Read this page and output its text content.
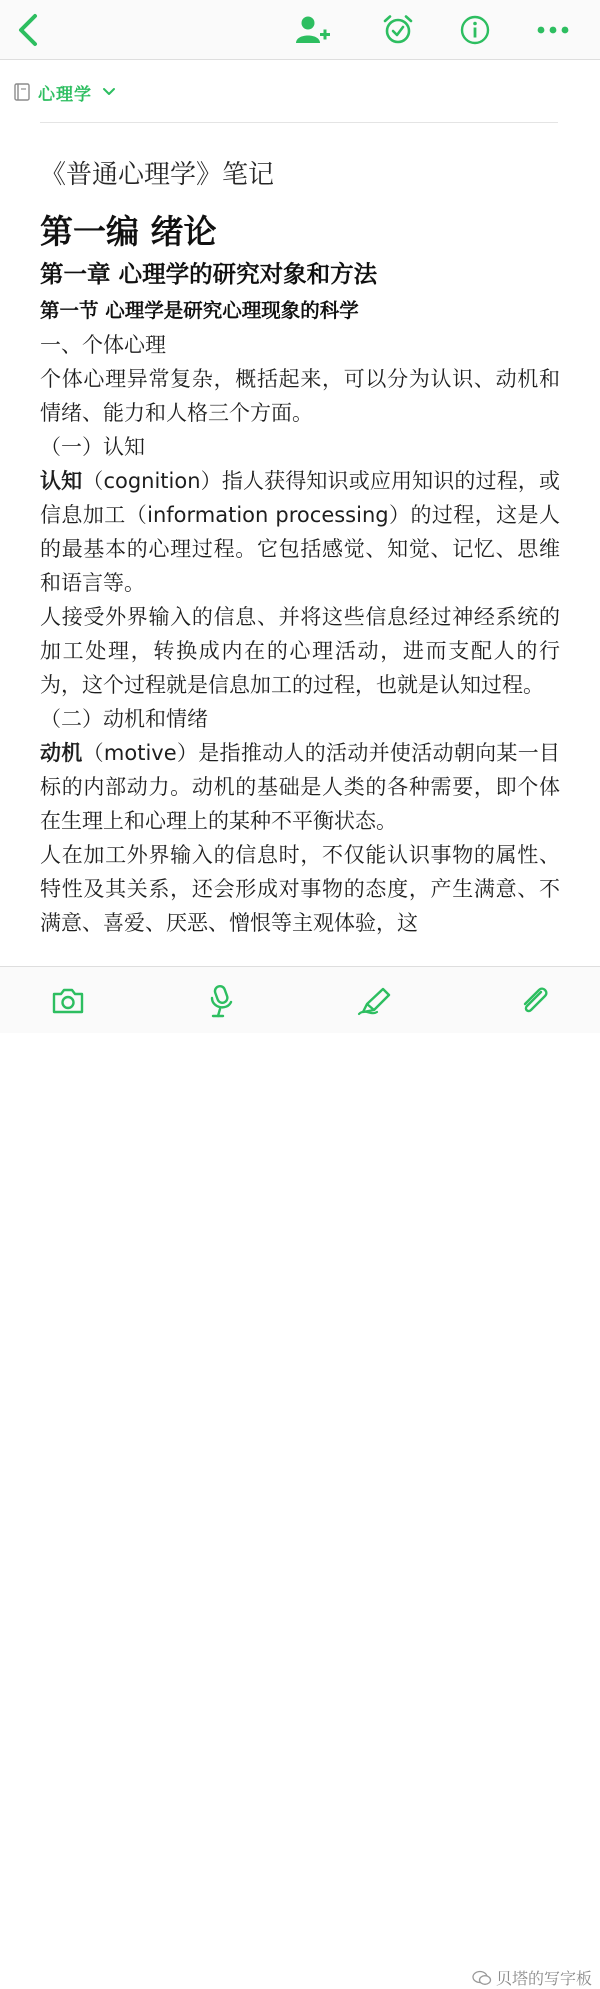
心理学
《普通心理学》笔记
第一编 绪论
第一章 心理学的研究对象和方法
第一节 心理学是研究心理现象的科学
一、个体心理
个体心理异常复杂，概括起来，可以分为认识、动机和情绪、能力和人格三个方面。
（一）认知
认知（cognition）指人获得知识或应用知识的过程，或信息加工（information processing）的过程，这是人的最基本的心理过程。它包括感觉、知觉、记忆、思维和语言等。
人接受外界输入的信息、并将这些信息经过神经系统的加工处理，转换成内在的心理活动，进而支配人的行为，这个过程就是信息加工的过程，也就是认知过程。
（二）动机和情绪
动机（motive）是指推动人的活动并使活动朝向某一目标的内部动力。动机的基础是人类的各种需要，即个体在生理上和心理上的某种不平衡状态。
人在加工外界输入的信息时，不仅能认识事物的属性、特性及其关系，还会形成对事物的态度，产生满意、不满意、喜爱、厌恶、憎恨等主观体验，这
贝塔的写字板
